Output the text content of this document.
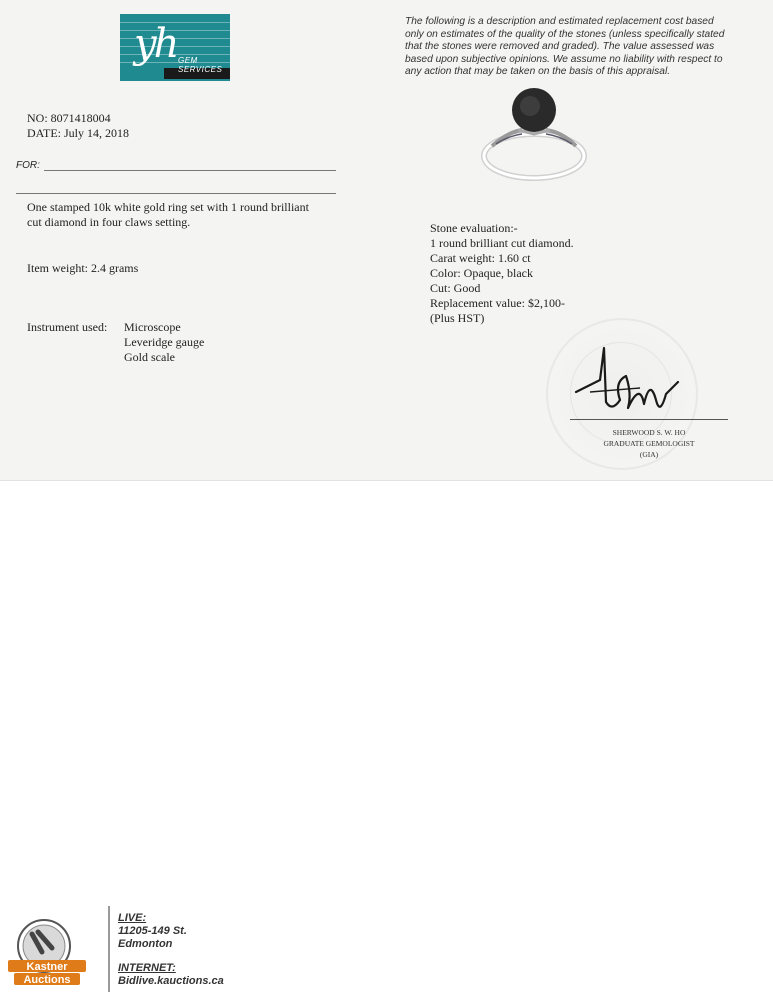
yh GEM SERVICES
The following is a description and estimated replacement cost based only on estimates of the quality of the stones (unless specifically stated that the stones were removed and graded). The value assessed was based upon subjective opinions. We assume no liability with respect to any action that may be taken on the basis of this appraisal.
NO: 8071418004
DATE: July 14, 2018
FOR:
One stamped 10k white gold ring set with 1 round brilliant
cut diamond in four claws setting.
Item weight: 2.4 grams
Instrument used: Microscope
Leveridge gauge
Gold scale
Stone evaluation:-
1 round brilliant cut diamond.
Carat weight: 1.60 ct
Color: Opaque, black
Cut: Good
Replacement value: $2,100-
(Plus HST)
SHERWOOD S. W. HO
GRADUATE GEMOLOGIST
(GIA)
Kastner
Auctions
LIVE:
11205-149 St.
Edmonton
INTERNET:
Bidlive.kauctions.ca
